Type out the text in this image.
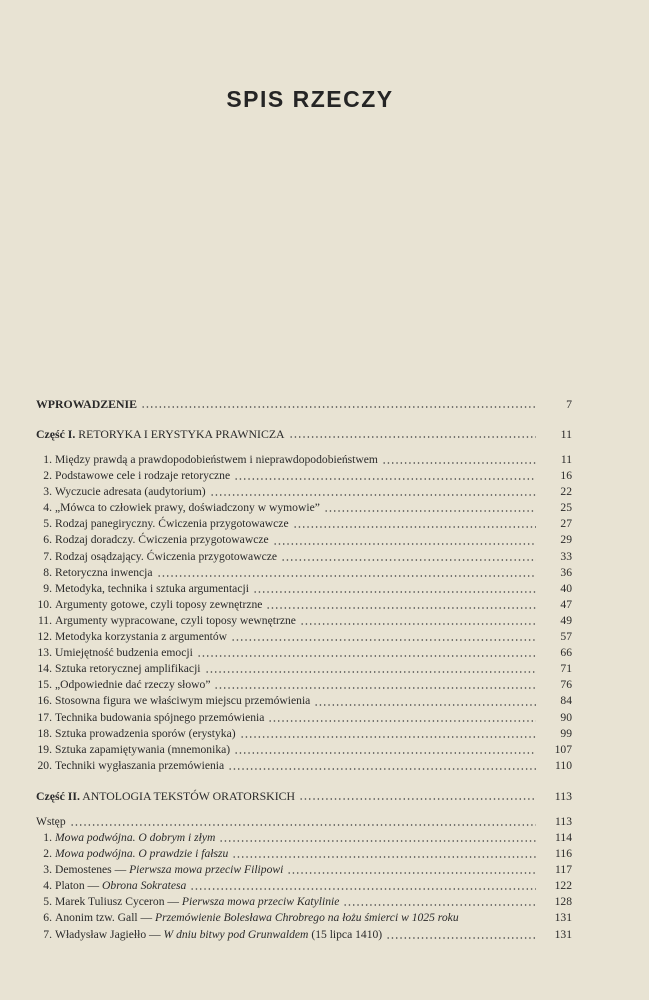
SPIS RZECZY
WPROWADZENIE	7
Część I. RETORYKA I ERYSTYKA PRAWNICZA	11
1. Między prawdą a prawdopodobieństwem i nieprawdopodobieństwem	11
2. Podstawowe cele i rodzaje retoryczne	16
3. Wyczucie adresata (audytorium)	22
4. „Mówca to człowiek prawy, doświadczony w wymowie”	25
5. Rodzaj panegiryczny. Ćwiczenia przygotowawcze	27
6. Rodzaj doradczy. Ćwiczenia przygotowawcze	29
7. Rodzaj osądzający. Ćwiczenia przygotowawcze	33
8. Retoryczna inwencja	36
9. Metodyka, technika i sztuka argumentacji	40
10. Argumenty gotowe, czyli toposy zewnętrzne	47
11. Argumenty wypracowane, czyli toposy wewnętrzne	49
12. Metodyka korzystania z argumentów	57
13. Umiejętność budzenia emocji	66
14. Sztuka retorycznej amplifikacji	71
15. „Odpowiednie dać rzeczy słowo”	76
16. Stosowna figura we właściwym miejscu przemówienia	84
17. Technika budowania spójnego przemówienia	90
18. Sztuka prowadzenia sporów (erystyka)	99
19. Sztuka zapamiętywania (mnemonika)	107
20. Techniki wygłaszania przemówienia	110
Część II. ANTOLOGIA TEKSTÓW ORATORSKICH	113
Wstęp	113
1. Mowa podwójna. O dobrym i złym	114
2. Mowa podwójna. O prawdzie i fałszu	116
3. Demostenes — Pierwsza mowa przeciw Filipowi	117
4. Platon — Obrona Sokratesa	122
5. Marek Tuliusz Cyceron — Pierwsza mowa przeciw Katylinie	128
6. Anonim tzw. Gall — Przemówienie Bolesława Chrobrego na łożu śmierci w 1025 roku	131
7. Władysław Jagiełło — W dniu bitwy pod Grunwaldem (15 lipca 1410)	131
